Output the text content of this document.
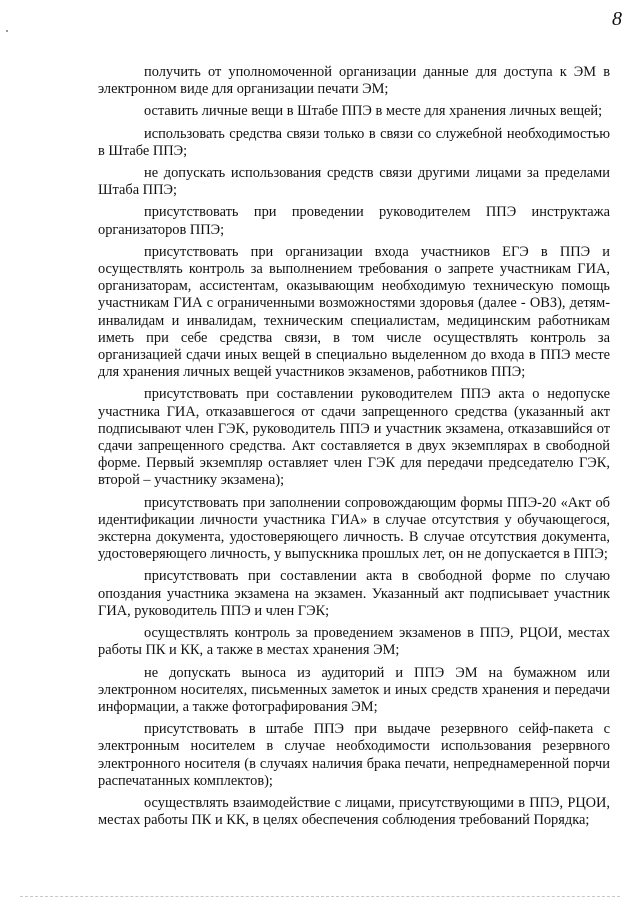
8

получить от уполномоченной организации данные для доступа к ЭМ в электронном виде для организации печати ЭМ;

оставить личные вещи в Штабе ППЭ в месте для хранения личных вещей;

использовать средства связи только в связи со служебной необходимостью в Штабе ППЭ;

не допускать использования средств связи другими лицами за пределами Штаба ППЭ;

присутствовать при проведении руководителем ППЭ инструктажа организаторов ППЭ;

присутствовать при организации входа участников ЕГЭ в ППЭ и осуществлять контроль за выполнением требования о запрете участникам ГИА, организаторам, ассистентам, оказывающим необходимую техническую помощь участникам ГИА с ограниченными возможностями здоровья (далее - ОВЗ), детям-инвалидам и инвалидам, техническим специалистам, медицинским работникам иметь при себе средства связи, в том числе осуществлять контроль за организацией сдачи иных вещей в специально выделенном до входа в ППЭ месте для хранения личных вещей участников экзаменов, работников ППЭ;

присутствовать при составлении руководителем ППЭ акта о недопуске участника ГИА, отказавшегося от сдачи запрещенного средства (указанный акт подписывают член ГЭК, руководитель ППЭ и участник экзамена, отказавшийся от сдачи запрещенного средства. Акт составляется в двух экземплярах в свободной форме. Первый экземпляр оставляет член ГЭК для передачи председателю ГЭК, второй – участнику экзамена);

присутствовать при заполнении сопровождающим формы ППЭ-20 «Акт об идентификации личности участника ГИА» в случае отсутствия у обучающегося, экстерна документа, удостоверяющего личность. В случае отсутствия документа, удостоверяющего личность, у выпускника прошлых лет, он не допускается в ППЭ;

присутствовать при составлении акта в свободной форме по случаю опоздания участника экзамена на экзамен. Указанный акт подписывает участник ГИА, руководитель ППЭ и член ГЭК;

осуществлять контроль за проведением экзаменов в ППЭ, РЦОИ, местах работы ПК и КК, а также в местах хранения ЭМ;

не допускать выноса из аудиторий и ППЭ ЭМ на бумажном или электронном носителях, письменных заметок и иных средств хранения и передачи информации, а также фотографирования ЭМ;

присутствовать в штабе ППЭ при выдаче резервного сейф-пакета с электронным носителем в случае необходимости использования резервного электронного носителя (в случаях наличия брака печати, непреднамеренной порчи распечатанных комплектов);

осуществлять взаимодействие с лицами, присутствующими в ППЭ, РЦОИ, местах работы ПК и КК, в целях обеспечения соблюдения требований Порядка;
